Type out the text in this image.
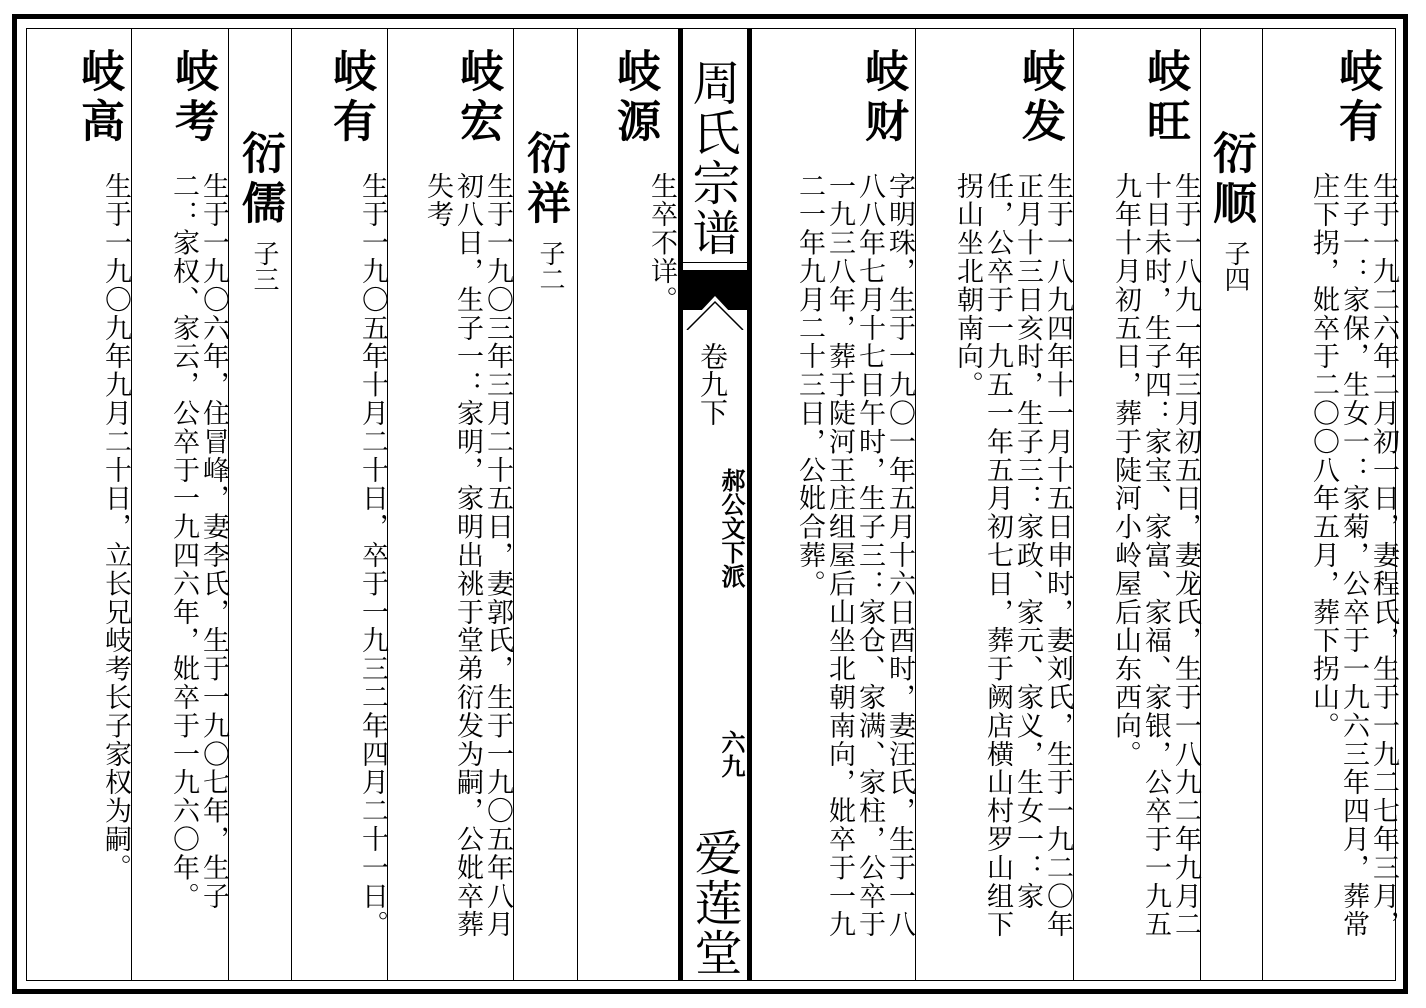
岐有
生于一九二六年二月初一日，妻程氏，生于一九二七年三月，生子一：家保，生女一：家菊，公卒于一九六三年四月，葬常庄下拐，妣卒于二〇〇八年五月，葬下拐山。
衍顺
子四
岐旺
生于一八九一年三月初五日，妻龙氏，生于一八九二年九月二十日未时，生子四：家宝、家富、家福、家银，公卒于一九五九年十月初五日，葬于陡河小岭屋后山东西向。
岐发
生于一八九四年十一月十五日申时，妻刘氏，生于一九二〇年正月十三日亥时，生子三：家政、家元、家义，生女一：家任，公卒于一九五一年五月初七日，葬于阙店横山村罗山组下拐山坐北朝南向。
岐财
字明珠，生于一九〇一年五月十六日酉时，妻汪氏，生于一八八八年七月十七日午时，生子三：家仓、家满、家柱，公卒于一九三八年，葬于陡河王庄组屋后山坐北朝南向，妣卒于一九二一年九月二十三日，公妣合葬。
周氏宗谱
卷九下
郝公文下派
六九
爱莲堂
岐源
生卒不详。
衍祥
子二
岐宏
生于一九〇三年三月二十五日，妻郭氏，生于一九〇五年八月初八日，生子一：家明，家明出祧于堂弟衍发为嗣，公妣卒葬失考
岐有
生于一九〇五年十月二十日，卒于一九三二年四月二十一日。
衍儒
子三
岐考
生于一九〇六年，住冒峰，妻李氏，生于一九〇七年，生子二：家权、家云，公卒于一九四六年，妣卒于一九六〇年。
岐高
生于一九〇九年九月二十日，立长兄岐考长子家权为嗣。
